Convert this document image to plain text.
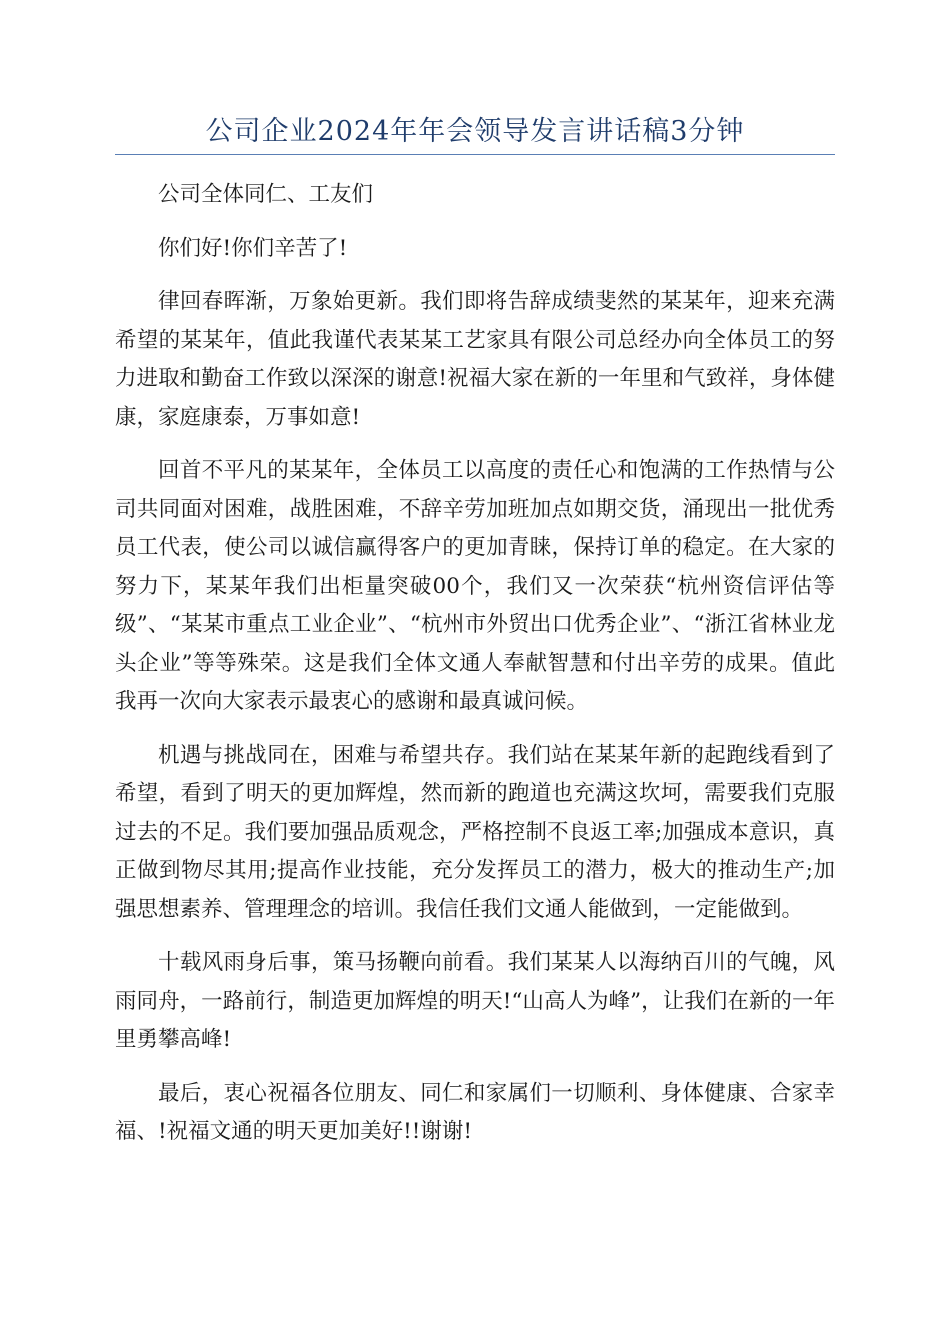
公司企业2024年年会领导发言讲话稿3分钟

公司全体同仁、工友们

你们好!你们辛苦了!

律回春晖渐，万象始更新。我们即将告辞成绩斐然的某某年，迎来充满希望的某某年，值此我谨代表某某工艺家具有限公司总经办向全体员工的努力进取和勤奋工作致以深深的谢意!祝福大家在新的一年里和气致祥，身体健康，家庭康泰，万事如意!

回首不平凡的某某年，全体员工以高度的责任心和饱满的工作热情与公司共同面对困难，战胜困难，不辞辛劳加班加点如期交货，涌现出一批优秀员工代表，使公司以诚信赢得客户的更加青睐，保持订单的稳定。在大家的努力下，某某年我们出柜量突破00个，我们又一次荣获“杭州资信评估等级”、“某某市重点工业企业”、“杭州市外贸出口优秀企业”、“浙江省林业龙头企业”等等殊荣。这是我们全体文通人奉献智慧和付出辛劳的成果。值此我再一次向大家表示最衷心的感谢和最真诚问候。

机遇与挑战同在，困难与希望共存。我们站在某某年新的起跑线看到了希望，看到了明天的更加辉煌，然而新的跑道也充满这坎坷，需要我们克服过去的不足。我们要加强品质观念，严格控制不良返工率;加强成本意识，真正做到物尽其用;提高作业技能，充分发挥员工的潜力，极大的推动生产;加强思想素养、管理理念的培训。我信任我们文通人能做到，一定能做到。

十载风雨身后事，策马扬鞭向前看。我们某某人以海纳百川的气魄，风雨同舟，一路前行，制造更加辉煌的明天!“山高人为峰”，让我们在新的一年里勇攀高峰!

最后，衷心祝福各位朋友、同仁和家属们一切顺利、身体健康、合家幸福、!祝福文通的明天更加美好!!谢谢!
